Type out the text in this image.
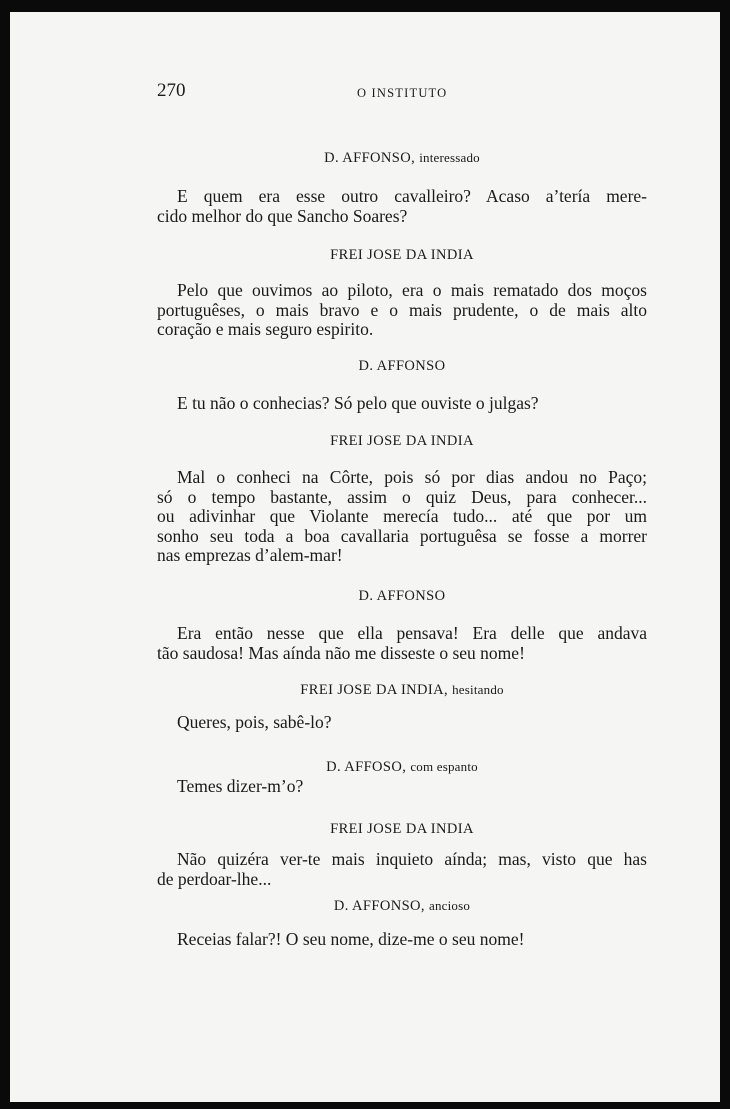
270	O INSTITUTO
D. AFFONSO, interessado
E quem era esse outro cavalleiro? Acaso a’tería mere-
cido melhor do que Sancho Soares?
FREI JOSE DA INDIA
Pelo que ouvimos ao piloto, era o mais rematado dos moços
portuguêses, o mais bravo e o mais prudente, o de mais alto
coração e mais seguro espirito.
D. AFFONSO
E tu não o conhecias? Só pelo que ouviste o julgas?
FREI JOSE DA INDIA
Mal o conheci na Côrte, pois só por dias andou no Paço;
só o tempo bastante, assim o quiz Deus, para conhecer...
ou adivinhar que Violante merecía tudo... até que por um
sonho seu toda a boa cavallaria portuguêsa se fosse a morrer
nas emprezas d’alem-mar!
D. AFFONSO
Era então nesse que ella pensava! Era delle que andava
tão saudosa! Mas aínda não me disseste o seu nome!
FREI JOSE DA INDIA, hesitando
Queres, pois, sabê-lo?
D. AFFOSO, com espanto
Temes dizer-m’o?
FREI JOSE DA INDIA
Não quizéra ver-te mais inquieto aínda; mas, visto que has
de perdoar-lhe...
D. AFFONSO, ancioso
Receias falar?! O seu nome, dize-me o seu nome!
